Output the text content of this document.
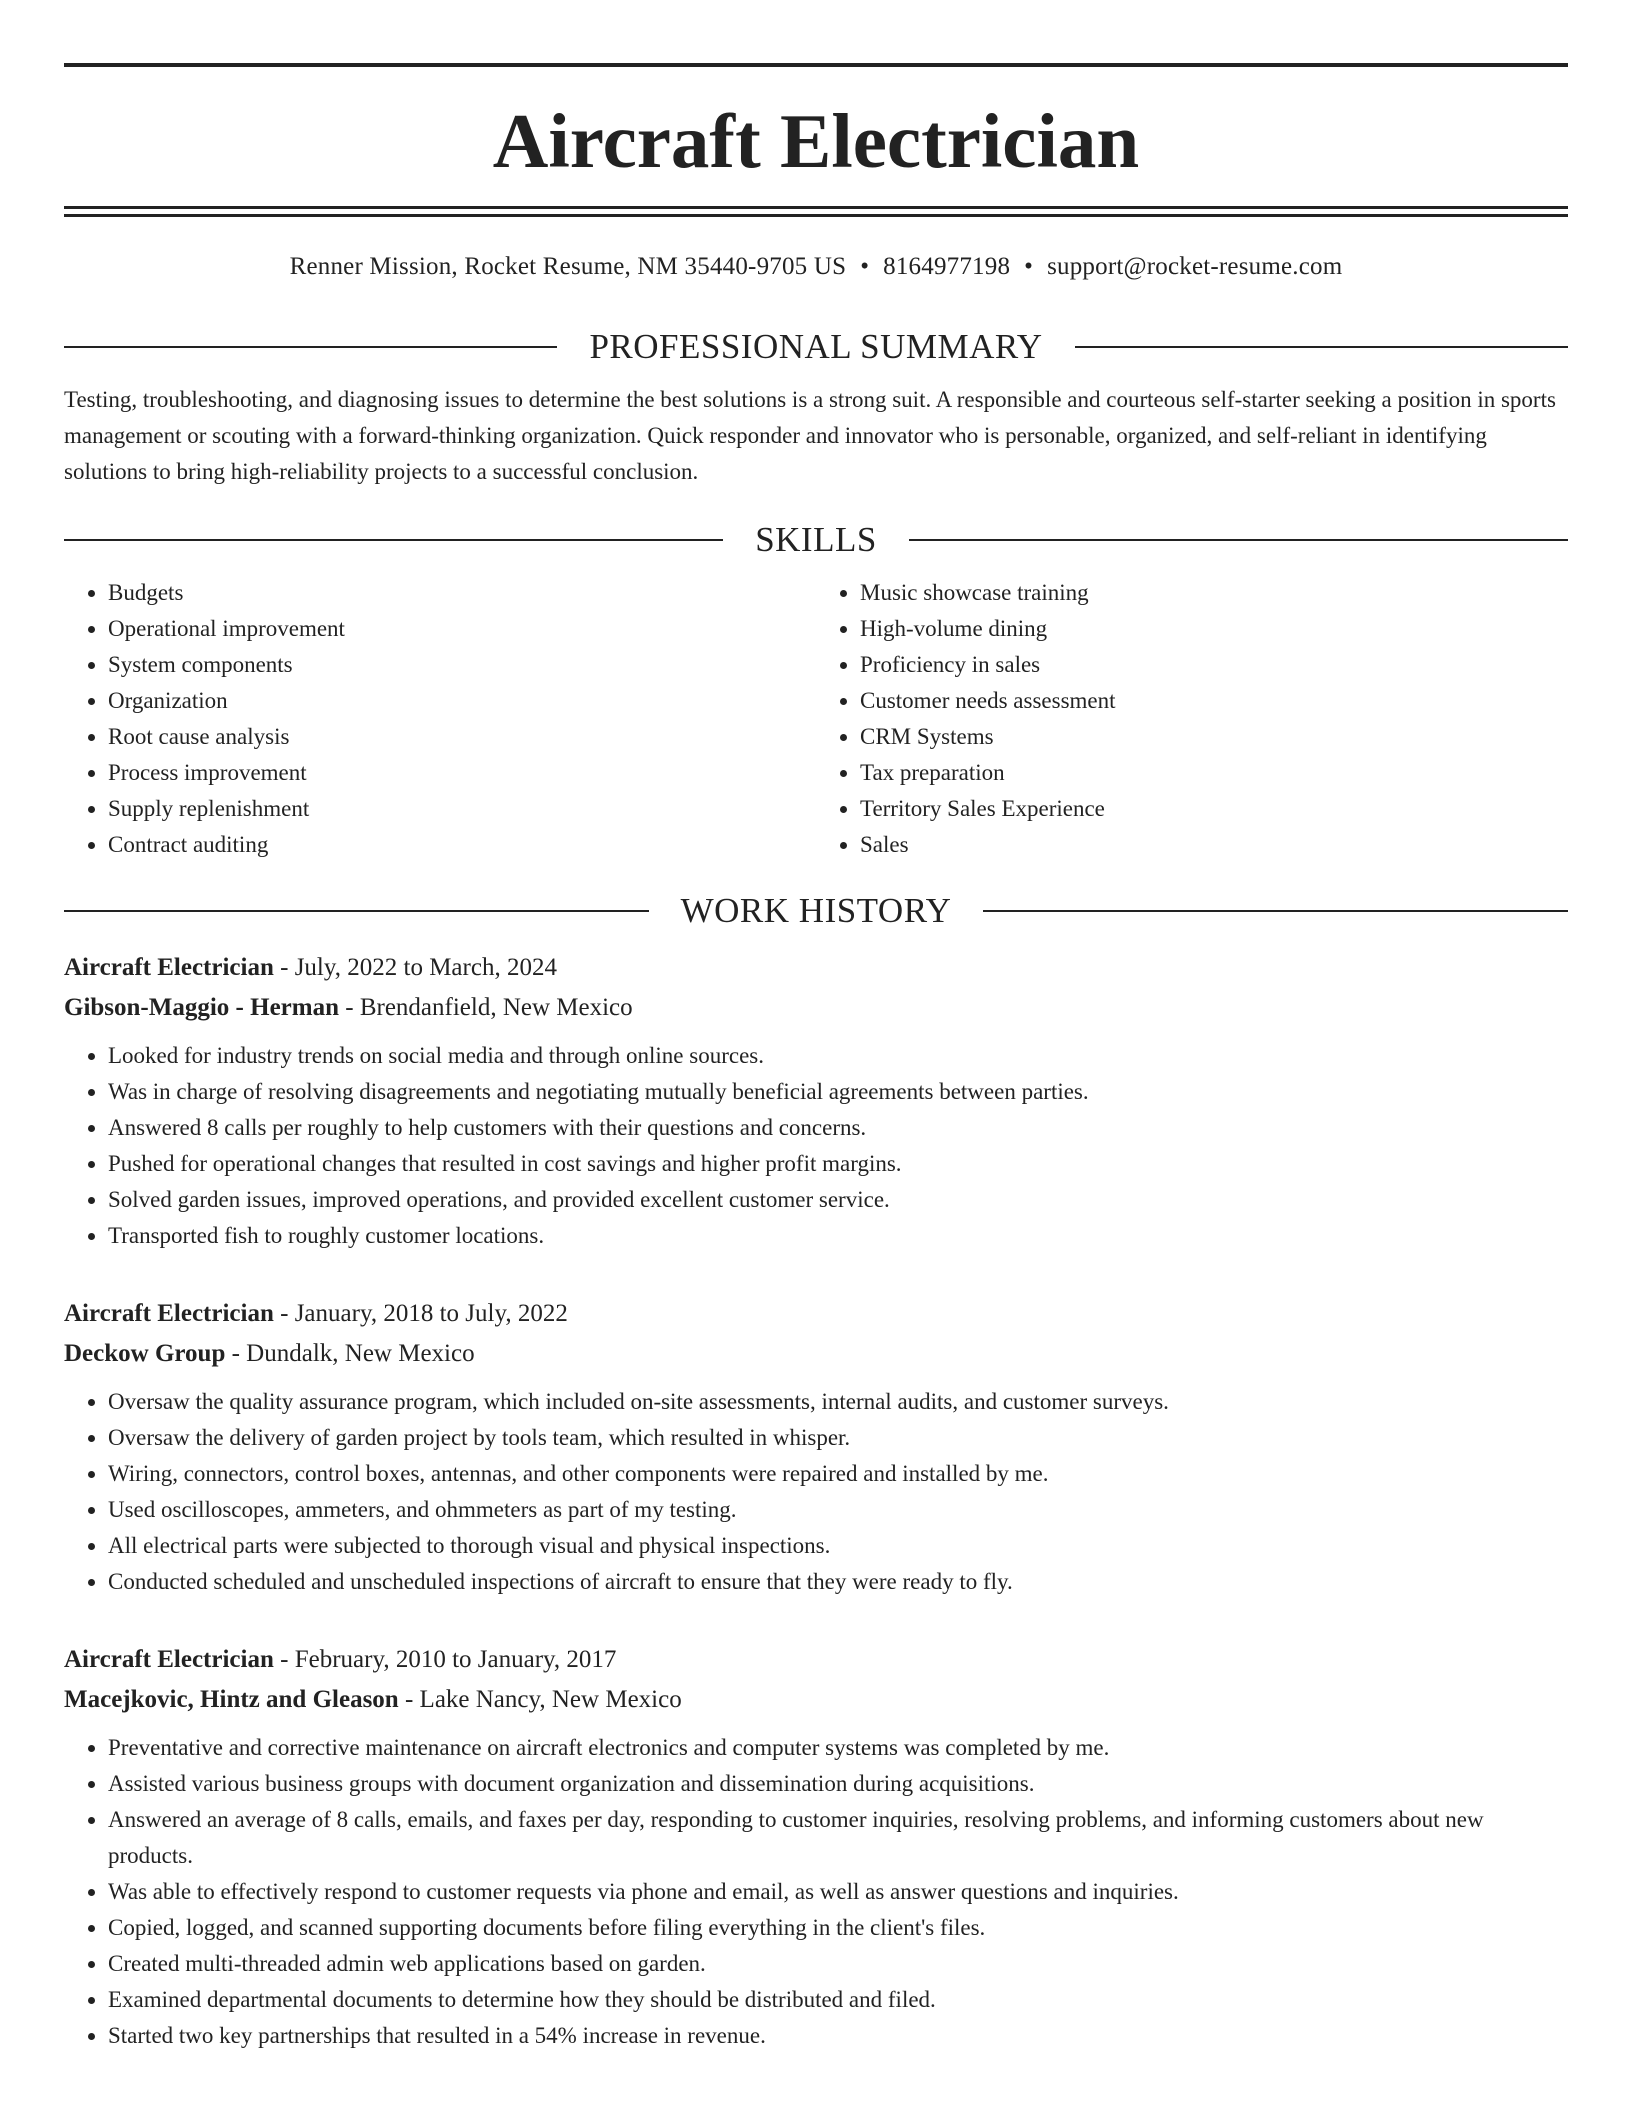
Aircraft Electrician
Renner Mission, Rocket Resume, NM 35440-9705 US • 8164977198 • support@rocket-resume.com
PROFESSIONAL SUMMARY

Testing, troubleshooting, and diagnosing issues to determine the best solutions is a strong suit. A responsible and courteous self-starter seeking a position in sports management or scouting with a forward-thinking organization. Quick responder and innovator who is personable, organized, and self-reliant in identifying solutions to bring high-reliability projects to a successful conclusion.

SKILLS
• Budgets
• Operational improvement
• System components
• Organization
• Root cause analysis
• Process improvement
• Supply replenishment
• Contract auditing
• Music showcase training
• High-volume dining
• Proficiency in sales
• Customer needs assessment
• CRM Systems
• Tax preparation
• Territory Sales Experience
• Sales
WORK HISTORY
Aircraft Electrician - July, 2022 to March, 2024
Gibson-Maggio - Herman - Brendanfield, New Mexico
• Looked for industry trends on social media and through online sources.
• Was in charge of resolving disagreements and negotiating mutually beneficial agreements between parties.
• Answered 8 calls per roughly to help customers with their questions and concerns.
• Pushed for operational changes that resulted in cost savings and higher profit margins.
• Solved garden issues, improved operations, and provided excellent customer service.
• Transported fish to roughly customer locations.
Aircraft Electrician - January, 2018 to July, 2022
Deckow Group - Dundalk, New Mexico
• Oversaw the quality assurance program, which included on-site assessments, internal audits, and customer surveys.
• Oversaw the delivery of garden project by tools team, which resulted in whisper.
• Wiring, connectors, control boxes, antennas, and other components were repaired and installed by me.
• Used oscilloscopes, ammeters, and ohmmeters as part of my testing.
• All electrical parts were subjected to thorough visual and physical inspections.
• Conducted scheduled and unscheduled inspections of aircraft to ensure that they were ready to fly.
Aircraft Electrician - February, 2010 to January, 2017
Macejkovic, Hintz and Gleason - Lake Nancy, New Mexico
• Preventative and corrective maintenance on aircraft electronics and computer systems was completed by me.
• Assisted various business groups with document organization and dissemination during acquisitions.
• Answered an average of 8 calls, emails, and faxes per day, responding to customer inquiries, resolving problems, and informing customers about new products.
• Was able to effectively respond to customer requests via phone and email, as well as answer questions and inquiries.
• Copied, logged, and scanned supporting documents before filing everything in the client's files.
• Created multi-threaded admin web applications based on garden.
• Examined departmental documents to determine how they should be distributed and filed.
• Started two key partnerships that resulted in a 54% increase in revenue.
